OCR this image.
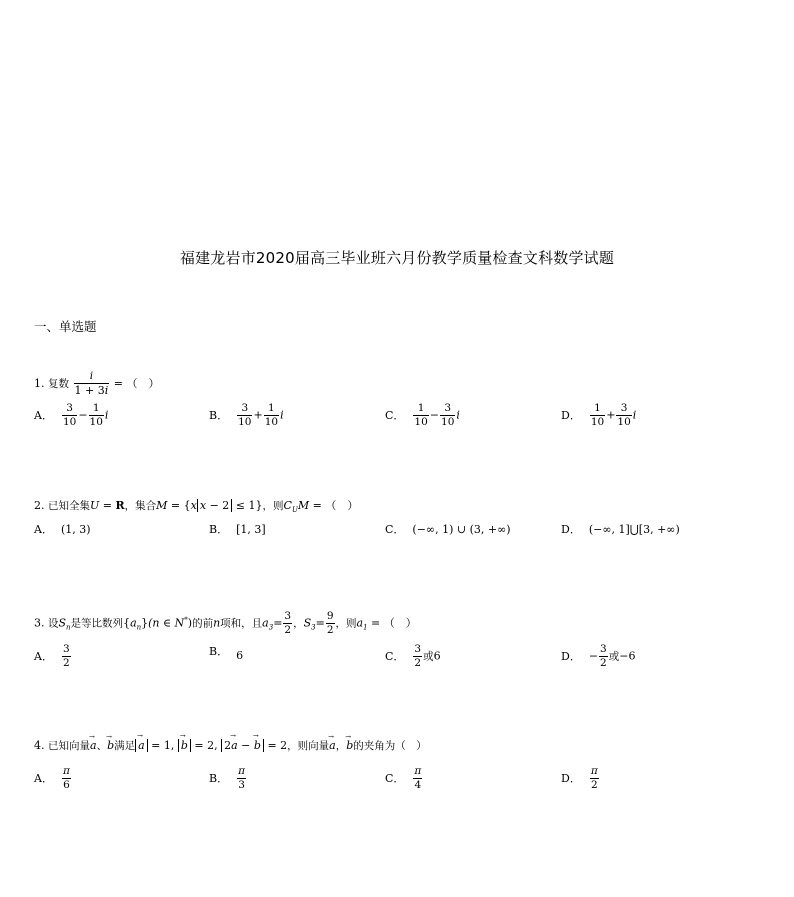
福建龙岩市2020届高三毕业班六月份教学质量检查文科数学试题
一、单选题
1. 复数 $\frac{i}{1 + 3i}$ = （　）
A． $\frac{3}{10} - \frac{1}{10}$ i	B． $\frac{3}{10} + \frac{1}{10}$ i	C． $\frac{1}{10} - \frac{3}{10}$ i	D． $\frac{1}{10} + \frac{3}{10}$ i
2. 已知全集U = R，集合M = {x x − 2 ≤ 1}，则$C_UM$ = （　）
A． (1, 3)	B． [1, 3]	C． (−∞, 1) ∪ (3, +∞)	D． (−∞, 1]⋃[3, +∞)
3. 设$S_n$是等比数列$\{a_n\}(n$ ∈ N*)的前n项和，且$a_3= \frac{3}{2}$ ，$S_3= \frac{9}{2}$ ，则$a_1$ = （　）
A． $\frac{3}{2}$	B． 6	C． $\frac{3}{2}$ 或6	D． − $\frac{3}{2}$ 或−6
4. 已知向量→ a、→ b满足→ a = 1, → b = 2, 2→ a − → b = 2，则向量→ a，→ b的夹角为（　）
A． $\frac{\pi}{6}$	B． $\frac{\pi}{3}$	C． $\frac{\pi}{4}$	D． $\frac{\pi}{2}$
